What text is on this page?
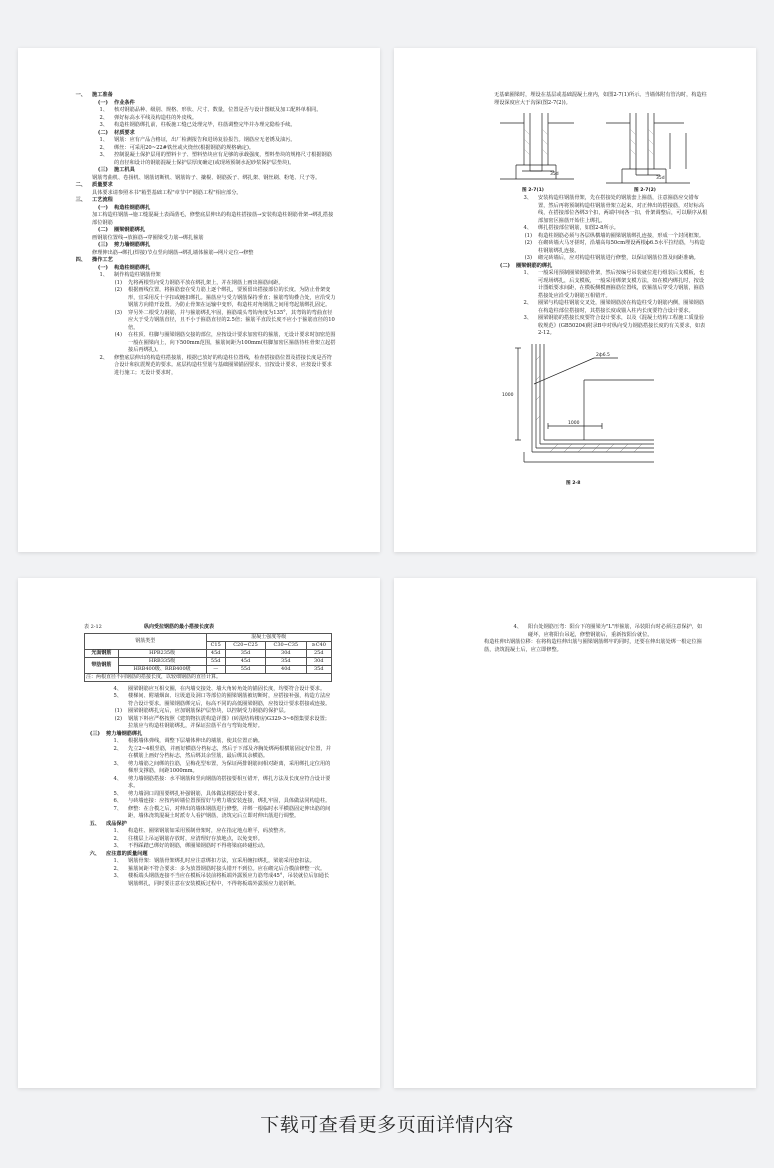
一、	施工准备
(一)	作业条件
1、	核对钢筋品种、级别、规格、形状、尺寸、数量，位置是否与设计图纸及加工配料单相同。
2、	弹好标高水平线及构造柱的外皮线。
3、	构造柱钢筋绑扎前，柱板施工缝已处理完毕，柱筋调整完毕并办理完隐检手续。
(二)	材质要求
1、	钢筋：应有产品合格证，出厂检测报告和进场复验报告。钢筋应无老锈及油污。
2、	绑丝：可采用20~22#铁丝或火烧丝(根据钢筋的规格确定)。
3、	控制混凝土保护层用的塑料卡子、塑料垫块应有足够的承载强度，塑料垫块的规格尺寸根据钢筋的直径和设计的钢筋混凝土保护层厚度确定(或现场预制水泥砂浆保护层垫块)。
(三)	施工机具
钢筋弯曲机、卷扬机、钢筋切断机、钢筋钩子、撬棍、钢筋扳子、绑扎架、钢丝刷、粉笔、尺子等。
二、	质量要求
具体要求请参照本书"箱型基础工程"章节中"钢筋工程"相应部分。
三、	工艺流程
(一)	构造柱钢筋绑扎
加工构造柱钢筋→施工缝混凝土表面凿毛，修整底层伸出的构造柱搭接筋→安装构造柱钢筋骨架→绑扎搭接部位钢筋
(二)	圈梁钢筋绑扎
画钢筋位置线→放箍筋→穿圈梁受力筋→绑扎箍筋
(三)	剪力墙钢筋绑扎
修理伸出筋→绑扎(焊接)节点竖向钢筋→绑扎墙体箍筋→网片定位→修整
四、	操作工艺
(一)	构造柱钢筋绑扎
1、	制作构造柱钢筋骨架
(1)	先将两根竖向受力钢筋平放在绑扎架上，并在钢筋上画出箍筋间距。
(2)	根据画线位置，将箍筋套在受力筋上逐个绑扎，要预留出搭接部位的长度。为防止骨架变形，宜采用反十字扣或缠扣绑扎。箍筋应与受力钢筋保持垂直；箍筋弯钩叠合处，应沿受力钢筋方向错开设置。为防止骨架在运输中变形，构造柱对角钢筋之间用弯起筋绑扎固定。
(3)	穿另外二根受力钢筋，并与箍筋绑扎牢固，箍筋端头弯钩角度为135°，其弯钩的弯曲直径应大于受力钢筋直径，且不小于箍筋直径的2.5倍；箍筋平直段长度不应小于箍筋直径的10倍。
(4)	在柱顶、柱脚与圈梁钢筋交接的部位，应按设计要求加密柱的箍筋，无设计要求时加密范围一般在圈梁向上，向下500mm范围，箍筋间距为100mm(柱脚加密区箍筋待柱骨架立起搭接后再绑扎)。
2、	修整底层伸出的构造柱搭接筋，根据已放好的构造柱位置线，检查搭接筋位置及搭接长度是否符合设计和抗震规范的要求。底层构造柱竖筋与基础圈梁锚固要求，宜按设计要求，应按设计要求进行施工；无设计要求时，
无基础圈梁时，埋设在基层或基础混凝土座内，如图2-7(1)所示。当墙体附有管沟时，构造柱埋设深度应大于沟深(图2-7(2))。
35d
35d
图 2-7(1)	图 2-7(2)
3、	安装构造柱钢筋骨架，先在搭接处的钢筋套上箍筋，注意箍筋应交错布置，然后再将预制构造柱钢筋骨架立起来，对正伸出的搭接筋，对好标高线，在搭接部位各绑3个扣，两端中间各一扣，骨架调整后，可以顺序从根部加密区箍筋开始往上绑扎。
4、	绑扎搭接部位钢筋，如图2-8所示。
(1)	构造柱钢筋必须与各层纵横墙的圈梁钢筋绑扎连接，形成一个封闭框架。
(2)	在砌砖墙大马牙搓时，沿墙高每50cm埋设两根ф6.5水平拉结筋，与构造柱钢筋绑扎连接。
(3)	砌完砖墙后，应对构造柱钢筋进行修整，以保证钢筋位置及间距准确。
(二)	圈梁钢筋的绑扎
1、	一般采用预制圈梁钢筋骨架，然后按编号吊装就位进行组装后支模板，也可现场绑扎，后支模板，一般采用绑架支模方法，如在模内绑扎时，按设计图纸要求间距，在模板侧模画箍筋位置线，放箍筋后穿受力钢筋，箍筋搭接处应沿受力钢筋互相错开。
2、	圈梁与构造柱钢筋交叉处，圈梁钢筋放在构造柱受力钢筋内侧，圈梁钢筋在构造柱部位搭接时，其搭接长度或锚入柱内长度要符合设计要求。
3、	圈梁钢筋的搭接长度要符合设计要求，以及《混凝土结构工程施工质量验收规范》(GB50204)附录B中对纵向受力钢筋搭接长度的有关要求，如表2-12。
2ф6.5
1000
1000
图 2-8

表 2-12	纵向受拉钢筋的最小搭接长度表
钢筋类型		混凝土强度等级			
		C15	C20~C25	C30~C35	≥C40
光面钢筋	HPB235级	45d	35d	30d	25d
带肋钢筋	HRB335级	55d	45d	35d	30d
	HRB400级、RRB400级	—	55d	40d	35d
注：两根直径不同钢筋的搭接长度，以较细钢筋的直径计算。					
4、	圈梁钢筋应互相交圈，在内墙交接处、墙大角转角处的锚固长度，均要符合设计要求。
5、	楼梯间、附墙烟囱、垃圾道及洞口等部位的圈梁钢筋被切断时，应搭接补强，构造方法应符合设计要求。圈梁钢筋绑完后，标高不同的高低圈梁钢筋，应按设计要求搭接或连接。
(1)	圈梁钢筋绑扎完后，应加钢筋保护层垫块，以控制受力钢筋的保护层。
(2)	钢筋下料应严格按照《建筑物抗震构造详图》(砖混结构楼房)G329-3~6图集要求设置；拉筋应与构造柱钢筋绑扎，并保证拉筋平直与弯钩处理好。
(三)	剪力墙钢筋绑扎
1、	根据墙体弹线，调整下层墙体伸出的墙筋，使其位置正确。
2、	先立2~4根竖筋，并画好横筋分档标志，然后于下部及齐胸处绑两根横筋固定好位置，并在横筋上画好分档标志，然后绑其余竖筋，最后绑其余横筋。
3、	剪力墙筋之间绑的拉筋，呈梅花型布置，为保证两排钢筋间相对距离，采用绑扎定位用的梯形支撑筋，间距1000mm。
4、	剪力墙钢筋搭接：水平钢筋和竖向钢筋的搭接要相互错开，绑扎方法及长度应符合设计要求。
5、	剪力墙洞口周围要绑扎补强钢筋，具体做法根据设计要求。
6、	与砖墙连接：应按内砖墙位置预留好与剪力墙安装连接，绑扎牢固，具体做法同构造柱。
7、	修整：在合模之后，对伸出的墙体钢筋进行修整，并绑一根临时水平横筋固定伸出筋的间距，墙体浇筑混凝土时派专人看护钢筋，浇筑完后立即对伸出筋进行调整。
五、	成品保护
1、	构造柱、圈梁钢筋如采用预制骨架时，应在指定地点堆平，码放整齐。
2、	往楼层上吊运钢筋存放时，应清理好存放地点，以免变形。
3、	不得踩踏已绑好的钢筋，绑圈梁钢筋时不得将梁底砖碰松动。
六、	应注意的质量问题
1、	钢筋骨架：钢筋骨架绑扎时应注意绑扣方法，宜采用缠扣绑扎，梁筋采用套扣法。
2、	箍筋间距不符合要求：多为放置钢筋时接头错开不到位。应在砌完后合模前修整一次。
3、	楼板端头钢筋连接不当应在模板吊装前将板端外露预应力筋弯成45°，吊装就位后加通长钢筋绑扎，同时要注意在安装模板过程中，不得将板端外露预应力筋折断。
4、	阳台处钢筋压弯：阳台下的圈梁为"L"形箍筋，吊装阳台时必须注意保护，如碰坏，应将阳台吊起，修整钢筋后，重新按阳台就位。
构造柱伸出钢筋位移：在将构造柱伸出筋与圈梁钢筋绑牢的同时，还要在伸出筋处绑一根定位箍筋，浇筑混凝土后，应立即修整。
下载可查看更多页面详情内容
